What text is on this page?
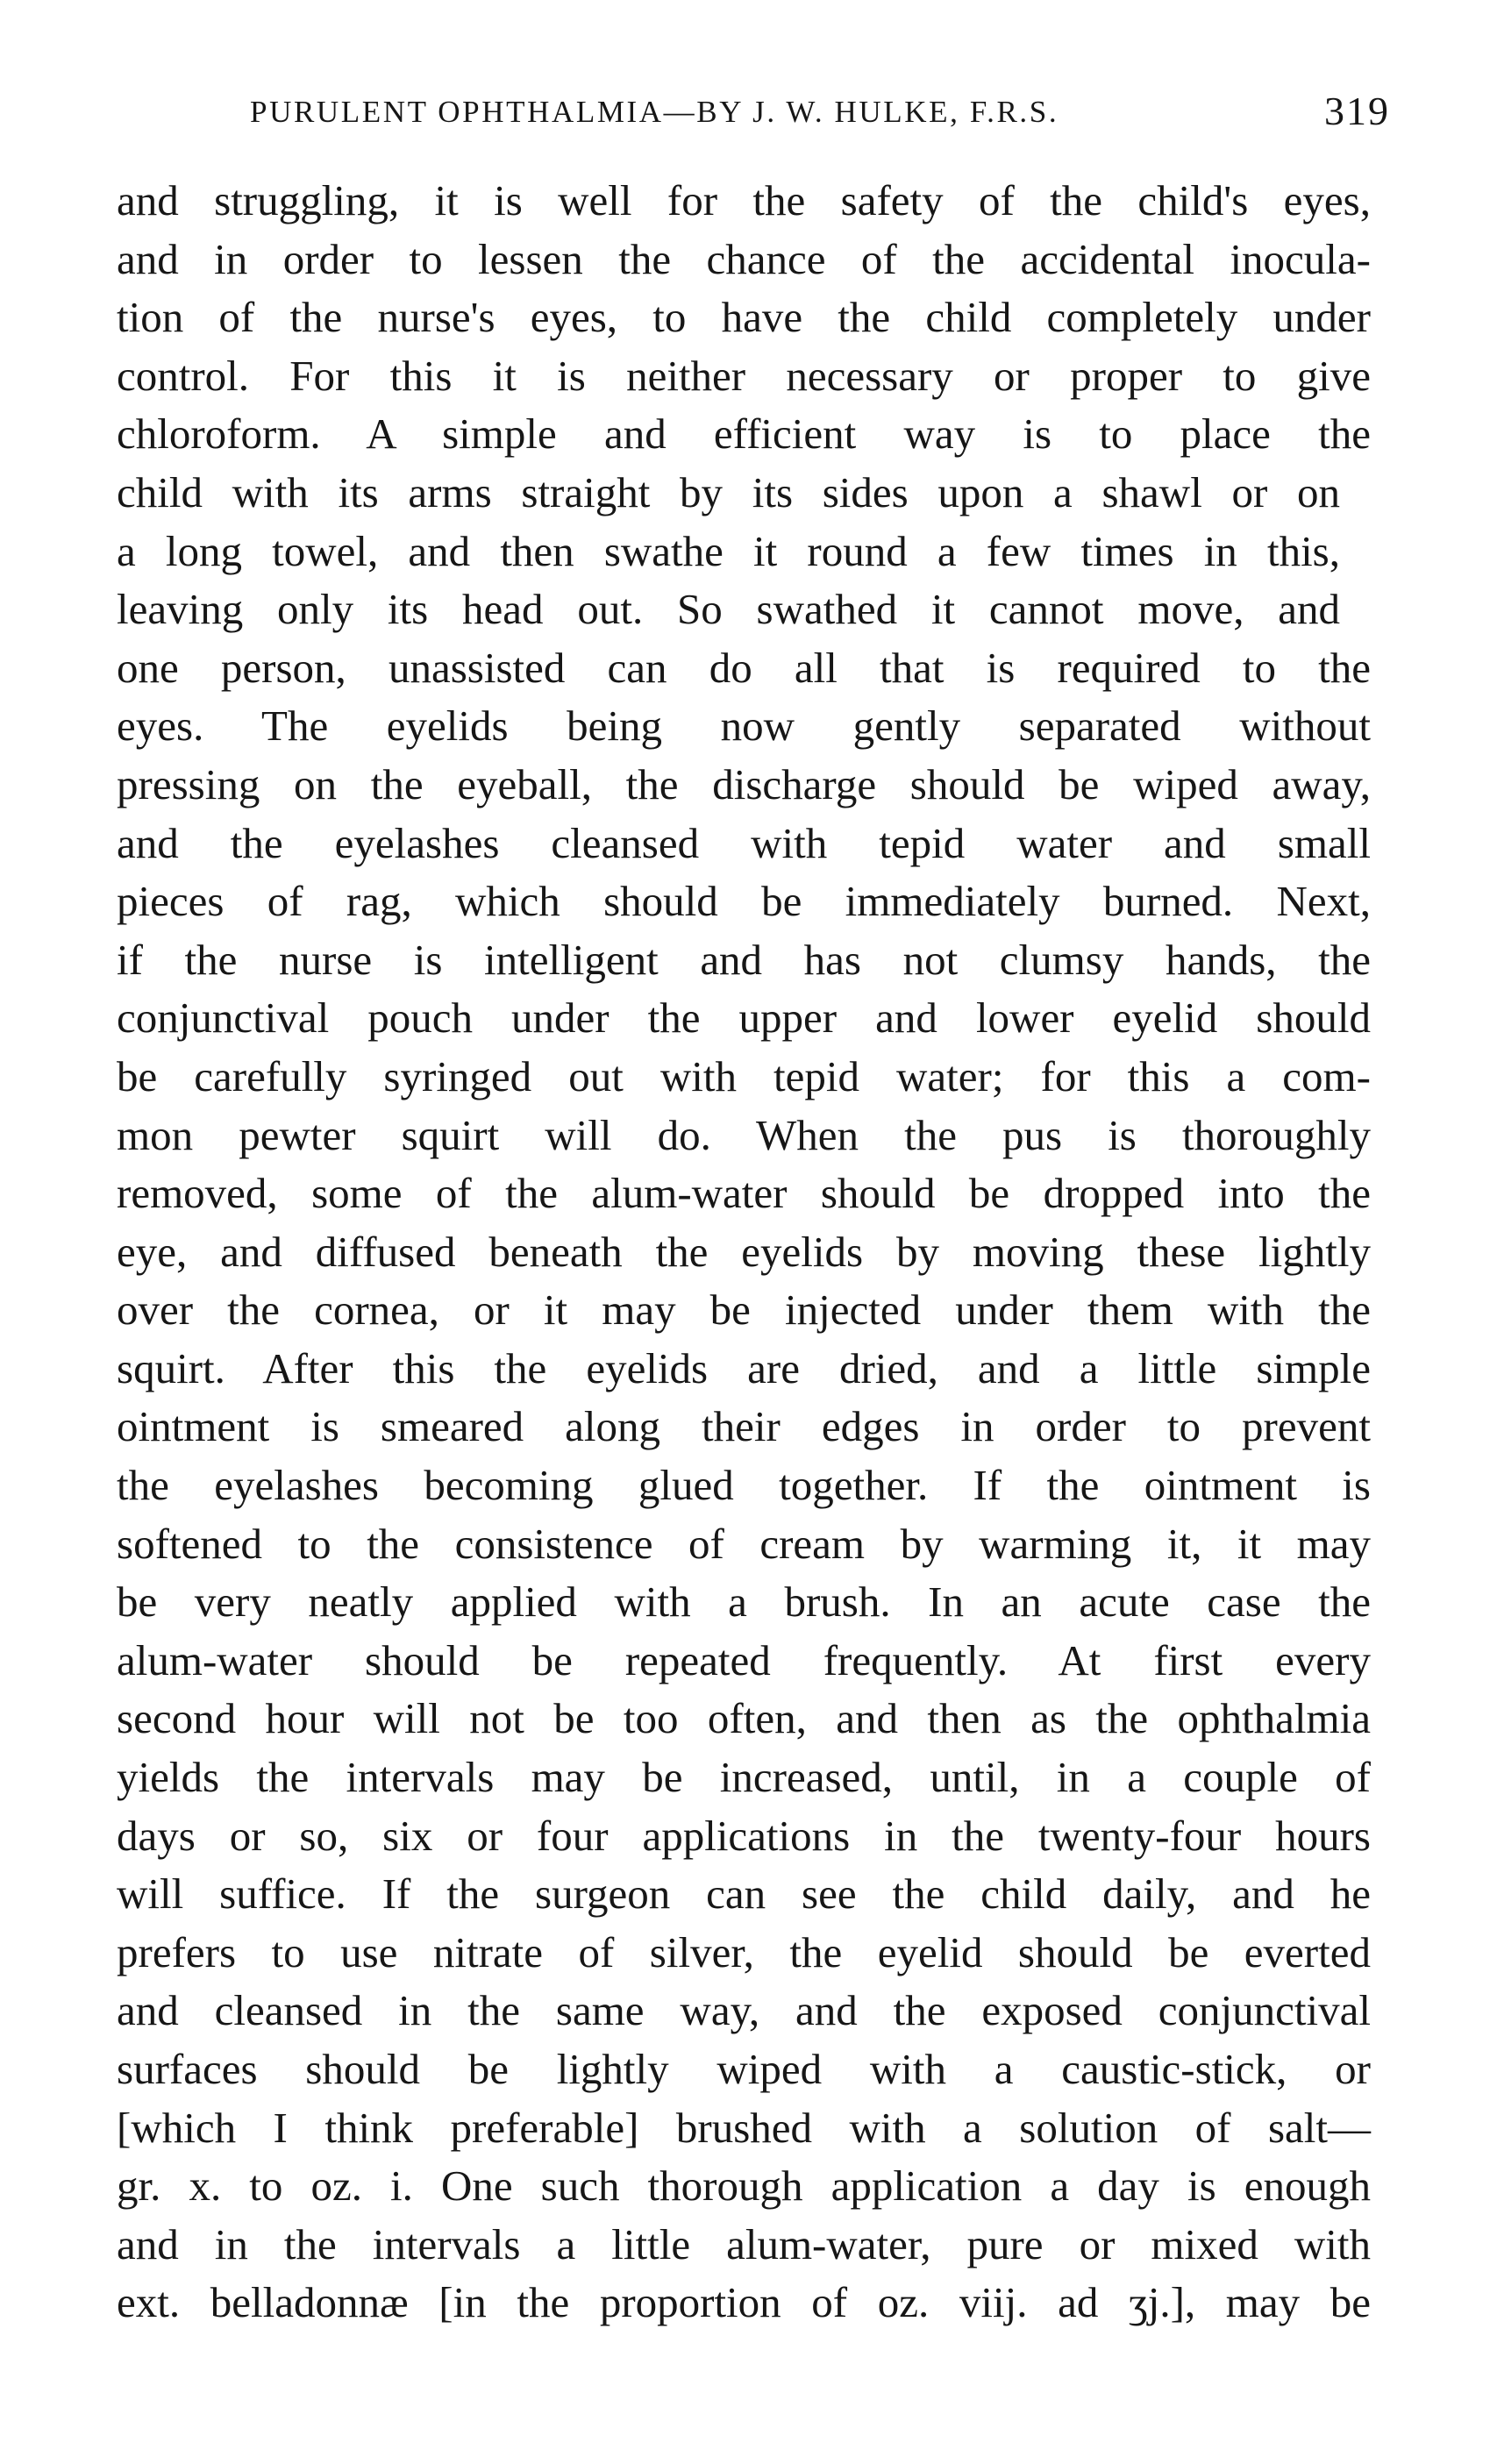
PURULENT OPHTHALMIA—BY J. W. HULKE, F.R.S.	319
and struggling, it is well for the safety of the child's eyes,
and in order to lessen the chance of the accidental inocula-
tion of the nurse's eyes, to have the child completely under
control. For this it is neither necessary or proper to give
chloroform. A simple and efficient way is to place the
child with its arms straight by its sides upon a shawl or on
a long towel, and then swathe it round a few times in this,
leaving only its head out. So swathed it cannot move, and
one person, unassisted can do all that is required to the
eyes. The eyelids being now gently separated without
pressing on the eyeball, the discharge should be wiped away,
and the eyelashes cleansed with tepid water and small
pieces of rag, which should be immediately burned. Next,
if the nurse is intelligent and has not clumsy hands, the
conjunctival pouch under the upper and lower eyelid should
be carefully syringed out with tepid water; for this a com-
mon pewter squirt will do. When the pus is thoroughly
removed, some of the alum-water should be dropped into the
eye, and diffused beneath the eyelids by moving these lightly
over the cornea, or it may be injected under them with the
squirt. After this the eyelids are dried, and a little simple
ointment is smeared along their edges in order to prevent
the eyelashes becoming glued together. If the ointment is
softened to the consistence of cream by warming it, it may
be very neatly applied with a brush. In an acute case the
alum-water should be repeated frequently. At first every
second hour will not be too often, and then as the ophthalmia
yields the intervals may be increased, until, in a couple of
days or so, six or four applications in the twenty-four hours
will suffice. If the surgeon can see the child daily, and he
prefers to use nitrate of silver, the eyelid should be everted
and cleansed in the same way, and the exposed conjunctival
surfaces should be lightly wiped with a caustic-stick, or
[which I think preferable] brushed with a solution of salt—
gr. x. to oz. i. One such thorough application a day is enough
and in the intervals a little alum-water, pure or mixed with
ext. belladonnæ [in the proportion of oz. viij. ad ʒj.], may be
